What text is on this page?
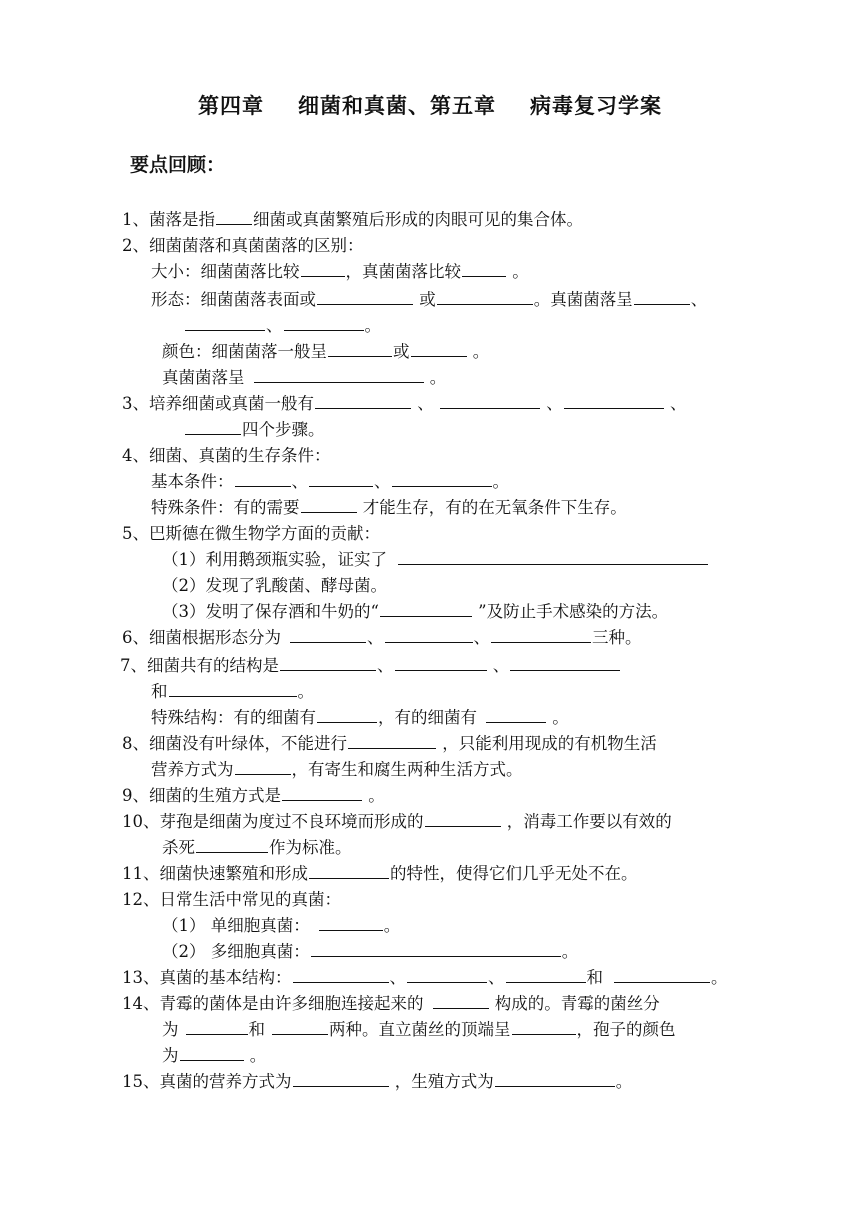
第四章 细菌和真菌、第五章 病毒复习学案
要点回顾：
1、菌落是指 细菌或真菌繁殖后形成的肉眼可见的集合体。
2、细菌菌落和真菌菌落的区别：
大小：细菌菌落比较	，真菌菌落比较	。
形态：细菌菌落表面或	或	。真菌菌落呈	、
、	。
颜色：细菌菌落一般呈	或	。
真菌菌落呈	。
3、培养细菌或真菌一般有	、	、	、
四个步骤。
4、细菌、真菌的生存条件：
基本条件：	、	、	。
特殊条件：有的需要	才能生存，有的在无氧条件下生存。
5、巴斯德在微生物学方面的贡献：
（1）利用鹅颈瓶实验，证实了
（2）发现了乳酸菌、酵母菌。
（3）发明了保存酒和牛奶的“	”及防止手术感染的方法。
6、细菌根据形态分为	、	、	三种。
7、细菌共有的结构是	、	、
和	。
特殊结构：有的细菌有	，有的细菌有	。
8、细菌没有叶绿体，不能进行	，只能利用现成的有机物生活
营养方式为	，有寄生和腐生两种生活方式。
9、细菌的生殖方式是	。
10、芽孢是细菌为度过不良环境而形成的	，消毒工作要以有效的
杀死	作为标准。
11、细菌快速繁殖和形成	的特性，使得它们几乎无处不在。
12、日常生活中常见的真菌：
（1） 单细胞真菌：	。
（2） 多细胞真菌：	。
13、真菌的基本结构：	、	、	和	。
14、青霉的菌体是由许多细胞连接起来的	构成的。青霉的菌丝分
为	和	两种。直立菌丝的顶端呈	，孢子的颜色
为	。
15、真菌的营养方式为	，生殖方式为	。
